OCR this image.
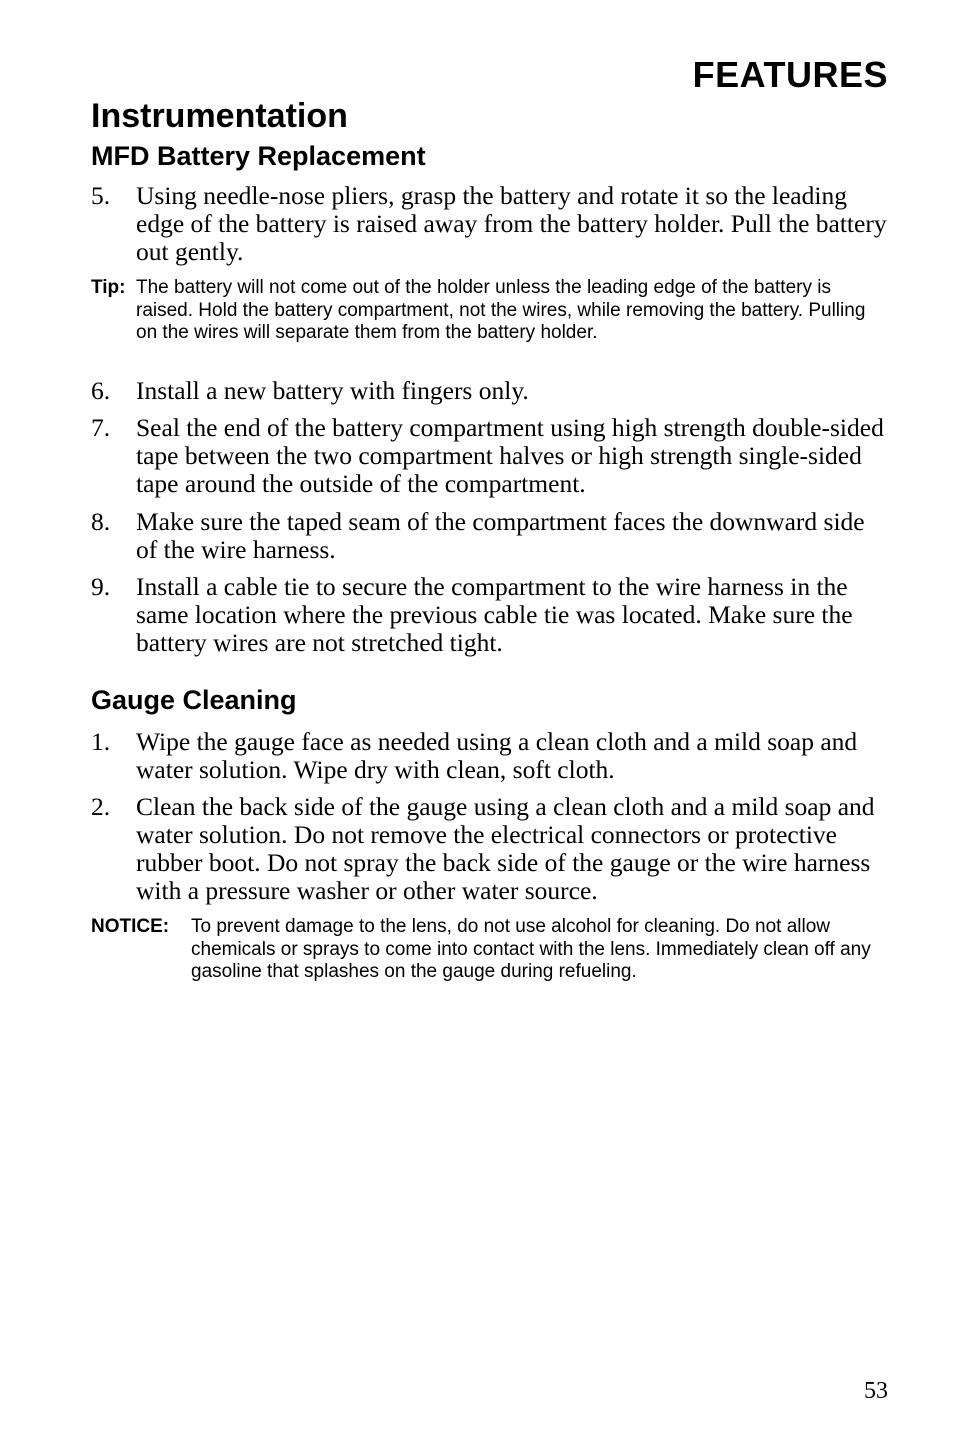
FEATURES
Instrumentation
MFD Battery Replacement
5.	Using needle-nose pliers, grasp the battery and rotate it so the leading edge of the battery is raised away from the battery holder. Pull the battery out gently.
Tip: The battery will not come out of the holder unless the leading edge of the battery is raised. Hold the battery compartment, not the wires, while removing the battery. Pulling on the wires will separate them from the battery holder.
6.	Install a new battery with fingers only.
7.	Seal the end of the battery compartment using high strength double-sided tape between the two compartment halves or high strength single-sided tape around the outside of the compartment.
8.	Make sure the taped seam of the compartment faces the downward side of the wire harness.
9.	Install a cable tie to secure the compartment to the wire harness in the same location where the previous cable tie was located. Make sure the battery wires are not stretched tight.
Gauge Cleaning
1.	Wipe the gauge face as needed using a clean cloth and a mild soap and water solution. Wipe dry with clean, soft cloth.
2.	Clean the back side of the gauge using a clean cloth and a mild soap and water solution. Do not remove the electrical connectors or protective rubber boot. Do not spray the back side of the gauge or the wire harness with a pressure washer or other water source.
NOTICE: To prevent damage to the lens, do not use alcohol for cleaning. Do not allow chemicals or sprays to come into contact with the lens. Immediately clean off any gasoline that splashes on the gauge during refueling.
53
